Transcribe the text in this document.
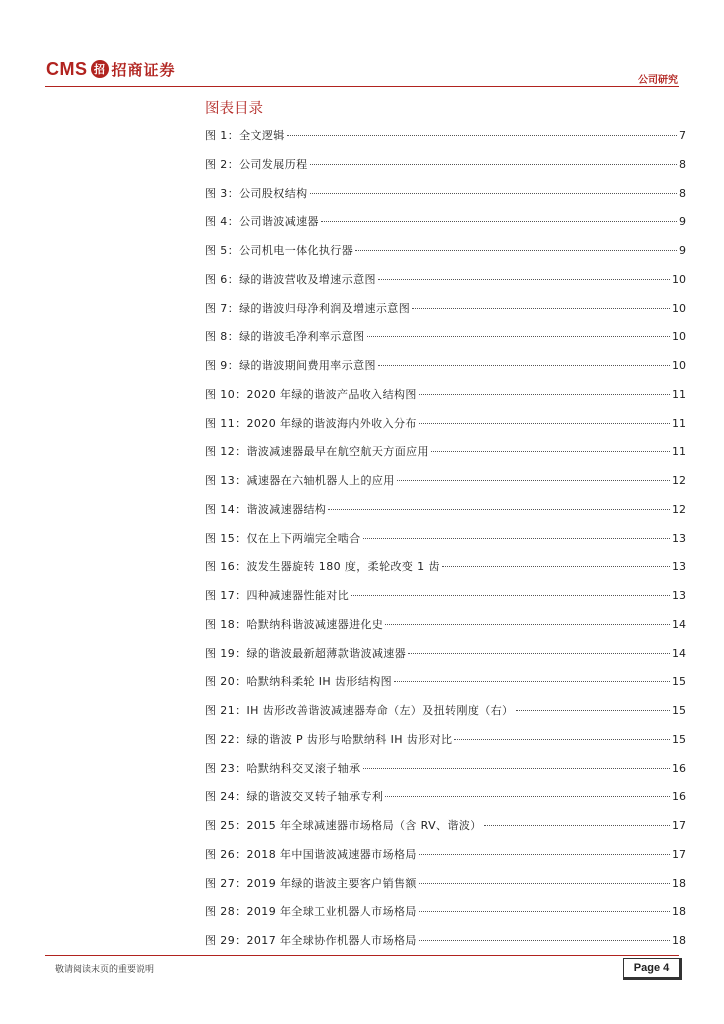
CMS 招 招商证券
公司研究
图表目录
图 1：全文逻辑	7
图 2：公司发展历程	8
图 3：公司股权结构	8
图 4：公司谐波减速器	9
图 5：公司机电一体化执行器	9
图 6：绿的谐波营收及增速示意图	10
图 7：绿的谐波归母净利润及增速示意图	10
图 8：绿的谐波毛净利率示意图	10
图 9：绿的谐波期间费用率示意图	10
图 10：2020 年绿的谐波产品收入结构图	11
图 11：2020 年绿的谐波海内外收入分布	11
图 12：谐波减速器最早在航空航天方面应用	11
图 13：减速器在六轴机器人上的应用	12
图 14：谐波减速器结构	12
图 15：仅在上下两端完全啮合	13
图 16：波发生器旋转 180 度，柔轮改变 1 齿	13
图 17：四种减速器性能对比	13
图 18：哈默纳科谐波减速器进化史	14
图 19：绿的谐波最新超薄款谐波减速器	14
图 20：哈默纳科柔轮 IH 齿形结构图	15
图 21：IH 齿形改善谐波减速器寿命（左）及扭转刚度（右）	15
图 22：绿的谐波 P 齿形与哈默纳科 IH 齿形对比	15
图 23：哈默纳科交叉滚子轴承	16
图 24：绿的谐波交叉转子轴承专利	16
图 25：2015 年全球减速器市场格局（含 RV、谐波）	17
图 26：2018 年中国谐波减速器市场格局	17
图 27：2019 年绿的谐波主要客户销售额	18
图 28：2019 年全球工业机器人市场格局	18
图 29：2017 年全球协作机器人市场格局	18
敬请阅读末页的重要说明	Page 4
